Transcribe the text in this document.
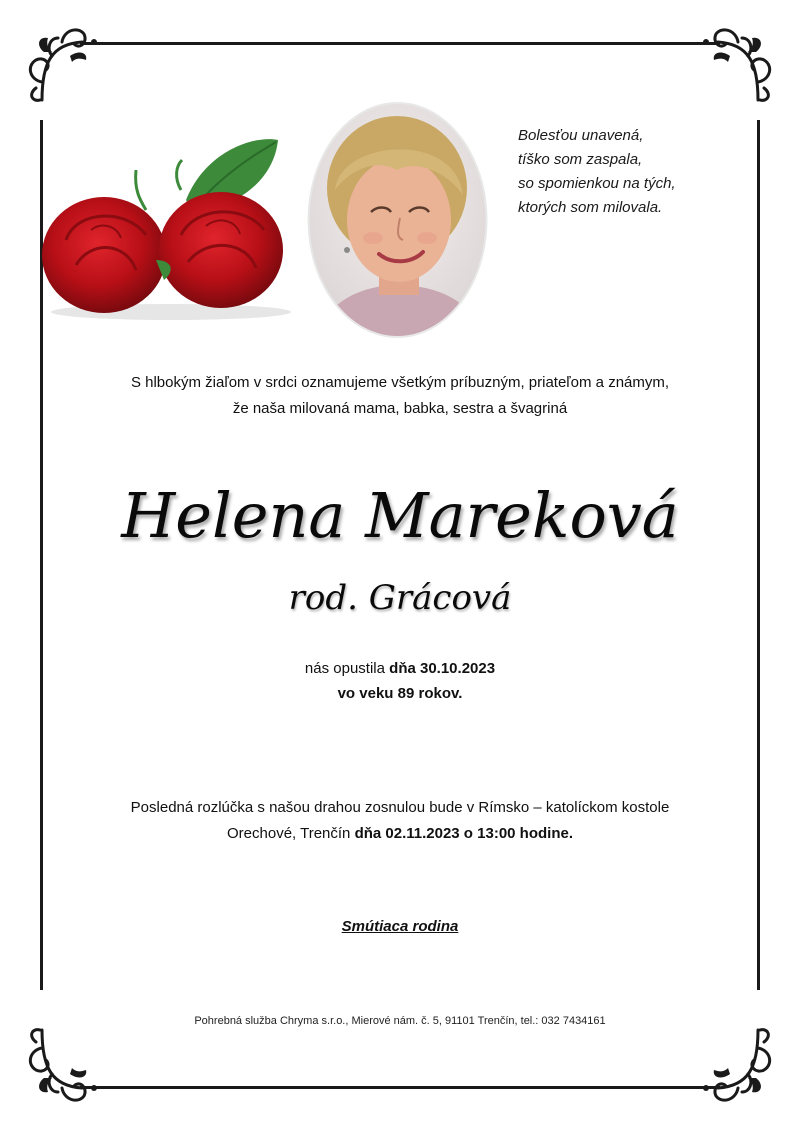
Bolesťou unavená,
tíško som zaspala,
so spomienkou na tých,
ktorých som milovala.
S hlbokým žiaľom v srdci oznamujeme všetkým príbuzným, priateľom a známym,
že naša milovaná mama, babka, sestra a švagriná
Helena Mareková
rod. Grácová
nás opustila dňa 30.10.2023
vo veku 89 rokov.
Posledná rozlúčka s našou drahou zosnulou bude v Rímsko – katolíckom kostole
Orechové, Trenčín dňa 02.11.2023 o 13:00 hodine.
Smútiaca rodina
Pohrebná služba Chryma s.r.o., Mierové nám. č. 5, 91101 Trenčín, tel.: 032 7434161
